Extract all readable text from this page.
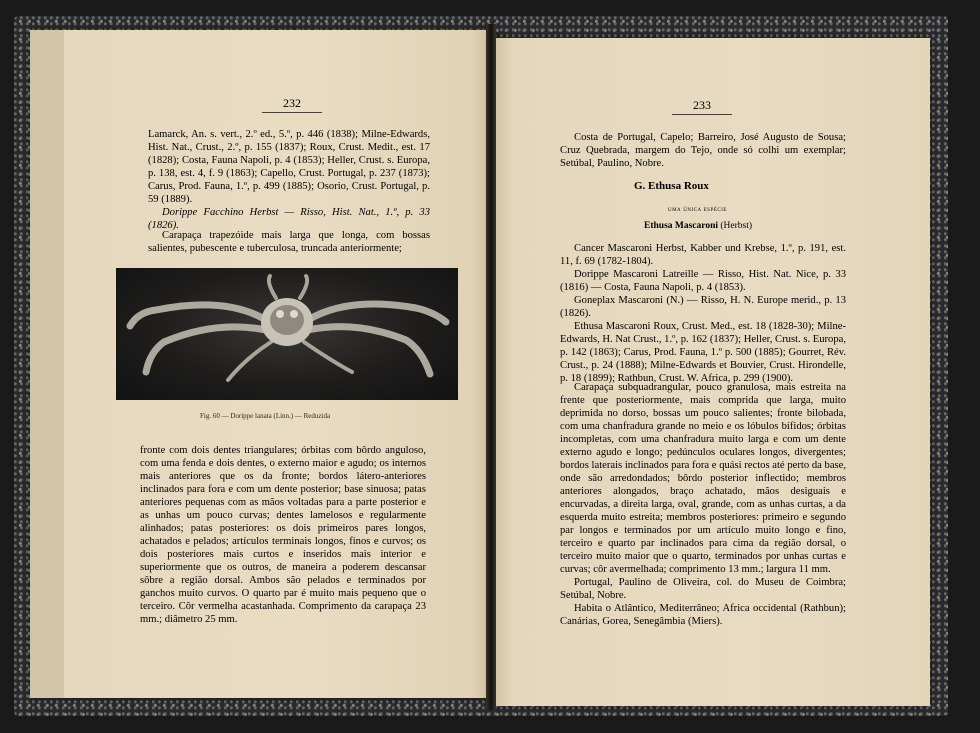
232

Lamarck, An. s. vert., 2.º ed., 5.º, p. 446 (1838); Milne-Edwards, Hist. Nat., Crust., 2.º, p. 155 (1837); Roux, Crust. Medit., est. 17 (1828); Costa, Fauna Napoli, p. 4 (1853); Heller, Crust. s. Europa, p. 138, est. 4, f. 9 (1863); Capello, Crust. Portugal, p. 237 (1873); Carus, Prod. Fauna, 1.º, p. 499 (1885); Osorio, Crust. Portugal, p. 59 (1889).

Dorippe Facchino Herbst — Risso, Hist. Nat., 1.º, p. 33 (1826).

Carapaça trapezóide mais larga que longa, com bossas salientes, pubescente e tuberculosa, truncada anteriormente;
Fig. 60 — Dorippe lanata (Linn.) — Reduzida
fronte com dois dentes triangulares; órbitas com bôrdo anguloso, com uma fenda e dois dentes, o externo maior e agudo; os internos mais anteriores que os da fronte; bordos látero-anteriores inclinados para fora e com um dente posterior; base sinuosa; patas anteriores pequenas com as mãos voltadas para a parte posterior e as unhas um pouco curvas; dentes lamelosos e regularmente alinhados; patas posteriores: os dois primeiros pares longos, achatados e pelados; artículos terminais longos, finos e curvos; os dois posteriores mais curtos e inseridos mais interior e superiormente que os outros, de maneira a poderem descansar sôbre a região dorsal. Ambos são pelados e terminados por ganchos muito curvos. O quarto par é muito mais pequeno que o terceiro. Côr vermelha acastanhada. Comprimento da carapaça 23 mm.; diâmetro 25 mm.
233

Costa de Portugal, Capelo; Barreiro, José Augusto de Sousa; Cruz Quebrada, margem do Tejo, onde só colhi um exemplar; Setúbal, Paulino, Nobre.

G. Ethusa Roux
uma única espécie
Ethusa Mascaroni (Herbst)

Cancer Mascaroni Herbst, Kabber und Krebse, 1.º, p. 191, est. 11, f. 69 (1782-1804).

Dorippe Mascaroni Latreille — Risso, Hist. Nat. Nice, p. 33 (1816) — Costa, Fauna Napoli, p. 4 (1853).

Goneplax Mascaroni (N.) — Risso, H. N. Europe merid., p. 13 (1826).

Ethusa Mascaroni Roux, Crust. Med., est. 18 (1828-30); Milne-Edwards, H. Nat Crust., 1.º, p. 162 (1837); Heller, Crust. s. Europa, p. 142 (1863); Carus, Prod. Fauna, 1.º p. 500 (1885); Gourret, Rév. Crust., p. 24 (1888); Milne-Edwards et Bouvier, Crust. Hirondelle, p. 18 (1899); Rathbun, Crust. W. Africa, p. 299 (1900).

Carapaça subquadrangular, pouco granulosa, mais estreita na frente que posteriormente, mais comprida que larga, muito deprimida no dorso, bossas um pouco salientes; fronte bilobada, com uma chanfradura grande no meio e os lóbulos bífidos; órbitas incompletas, com uma chanfradura muito larga e com um dente externo agudo e longo; pedúnculos oculares longos, divergentes; bordos laterais inclinados para fora e quási rectos até perto da base, onde são arredondados; bôrdo posterior inflectido; membros anteriores alongados, braço achatado, mãos desiguais e encurvadas, a direita larga, oval, grande, com as unhas curtas, a da esquerda muito estreita; membros posteriores: primeiro e segundo par longos e terminados por um artículo muito longo e fino, terceiro e quarto par inclinados para cima da região dorsal, o terceiro muito maior que o quarto, terminados por unhas curtas e curvas; côr avermelhada; comprimento 13 mm.; largura 11 mm.

Portugal, Paulino de Oliveira, col. do Museu de Coimbra; Setúbal, Nobre.

Habita o Atlântico, Mediterrâneo; Africa occidental (Rathbun); Canárias, Gorea, Senegâmbia (Miers).
